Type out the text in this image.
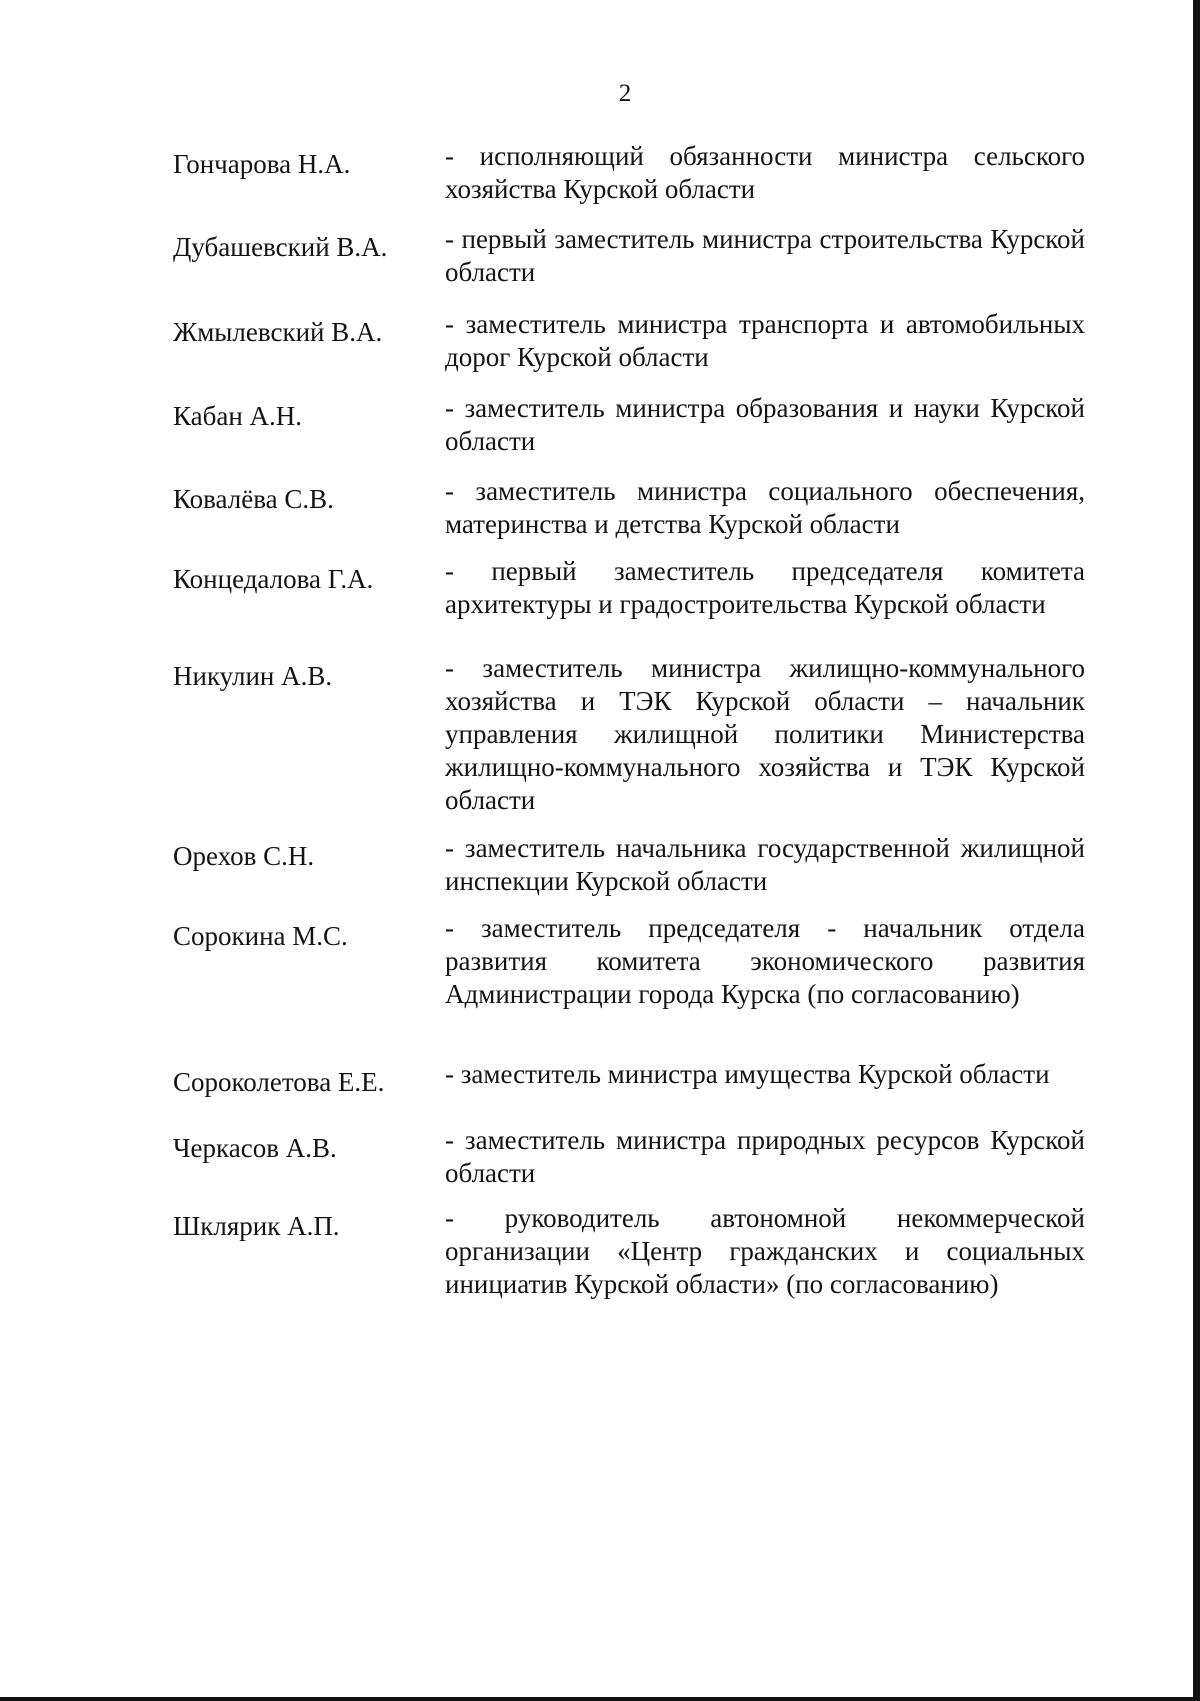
2
Гончарова Н.А.	- исполняющий обязанности министра сельского хозяйства Курской области
Дубашевский В.А. - первый заместитель министра строительства Курской области
Жмылевский В.А. - заместитель министра транспорта и автомобильных дорог Курской области
Кабан А.Н.	- заместитель министра образования и науки Курской области
Ковалёва С.В.	- заместитель министра социального обеспечения, материнства и детства Курской области
Концедалова Г.А.	- первый заместитель председателя комитета архитектуры и градостроительства Курской области
Никулин А.В.	- заместитель министра жилищно-коммунального хозяйства и ТЭК Курской области – начальник управления жилищной политики Министерства жилищно-коммунального хозяйства и ТЭК Курской области
Орехов С.Н.	- заместитель начальника государственной жилищной инспекции Курской области
Сорокина М.С.	- заместитель председателя - начальник отдела развития комитета экономического развития Администрации города Курска (по согласованию)
Сороколетова Е.Е. - заместитель министра имущества Курской области
Черкасов А.В.	- заместитель министра природных ресурсов Курской области
Шклярик А.П.	- руководитель автономной некоммерческой организации «Центр гражданских и социальных инициатив Курской области» (по согласованию)
